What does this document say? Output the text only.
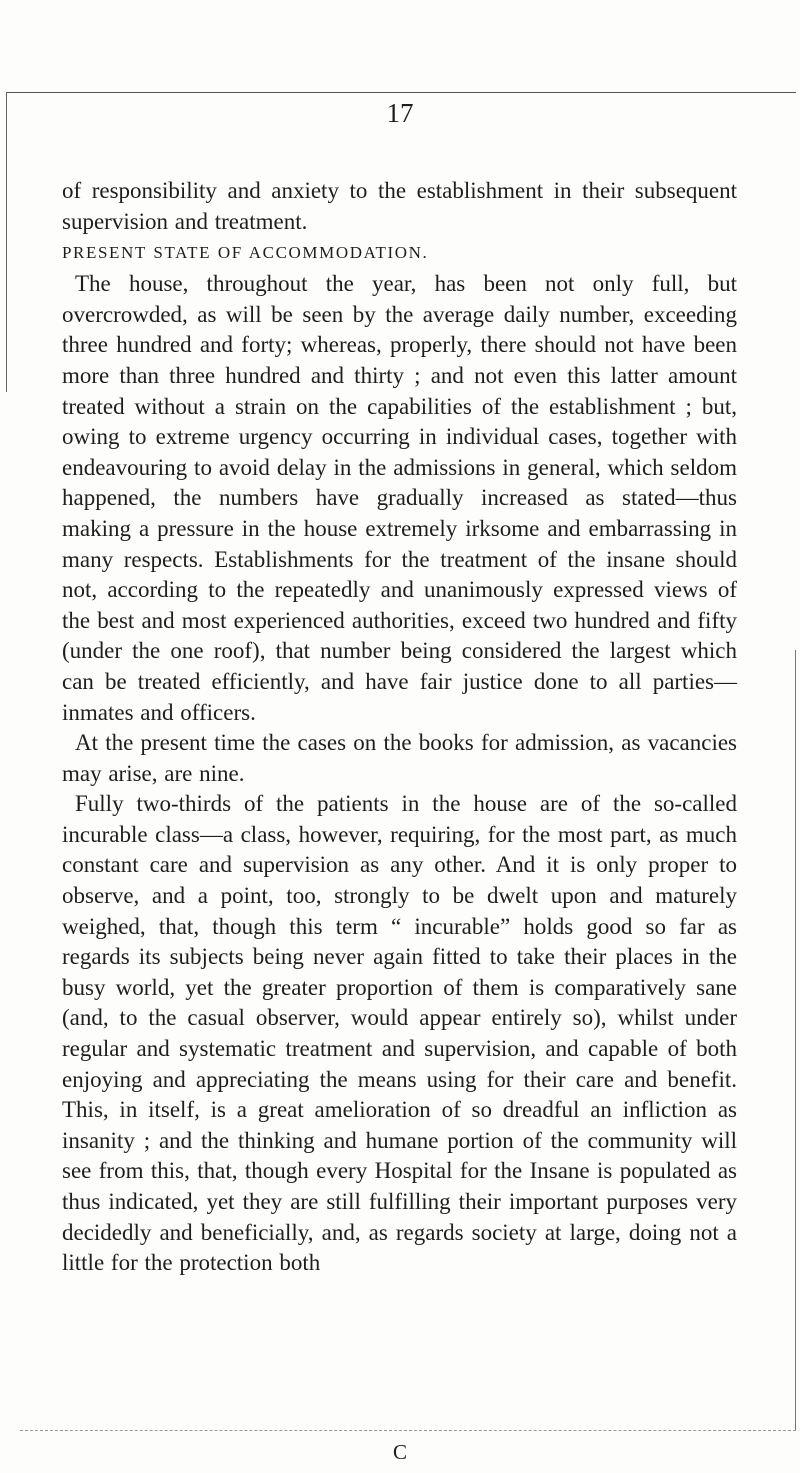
17

of responsibility and anxiety to the establishment in their subsequent supervision and treatment.

PRESENT STATE OF ACCOMMODATION.

The house, throughout the year, has been not only full, but overcrowded, as will be seen by the average daily number, exceeding three hundred and forty; whereas, properly, there should not have been more than three hundred and thirty ; and not even this latter amount treated without a strain on the capabilities of the establishment ; but, owing to extreme urgency occurring in individual cases, together with endeavouring to avoid delay in the admissions in general, which seldom happened, the numbers have gradually increased as stated—thus making a pressure in the house extremely irksome and embarrassing in many respects. Establishments for the treatment of the insane should not, according to the repeatedly and unanimously expressed views of the best and most experienced authorities, exceed two hundred and fifty (under the one roof), that number being considered the largest which can be treated efficiently, and have fair justice done to all parties—inmates and officers.

At the present time the cases on the books for admission, as vacancies may arise, are nine.

Fully two-thirds of the patients in the house are of the so-called incurable class—a class, however, requiring, for the most part, as much constant care and supervision as any other. And it is only proper to observe, and a point, too, strongly to be dwelt upon and maturely weighed, that, though this term “ incurable” holds good so far as regards its subjects being never again fitted to take their places in the busy world, yet the greater proportion of them is comparatively sane (and, to the casual observer, would appear entirely so), whilst under regular and systematic treatment and supervision, and capable of both enjoying and appreciating the means using for their care and benefit. This, in itself, is a great amelioration of so dreadful an infliction as insanity ; and the thinking and humane portion of the community will see from this, that, though every Hospital for the Insane is populated as thus indicated, yet they are still fulfilling their important purposes very decidedly and beneficially, and, as regards society at large, doing not a little for the protection both

C
